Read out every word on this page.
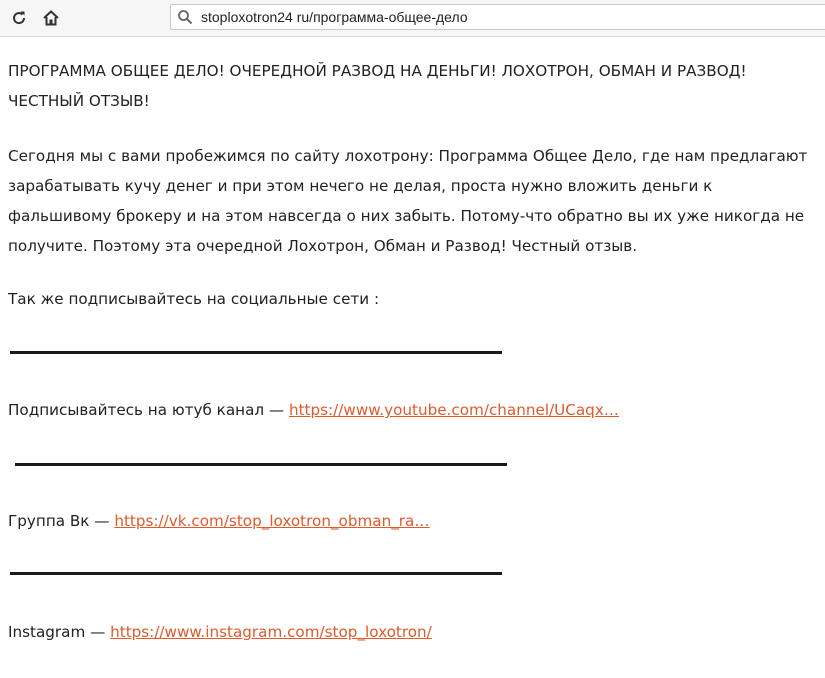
stoploxotron24 ru/программа-общее-дело
ПРОГРАММА ОБЩЕЕ ДЕЛО! ОЧЕРЕДНОЙ РАЗВОД НА ДЕНЬГИ! ЛОХОТРОН, ОБМАН И РАЗВОД! ЧЕСТНЫЙ ОТЗЫВ!
Сегодня мы с вами пробежимся по сайту лохотрону: Программа Общее Дело, где нам предлагают зарабатывать кучу денег и при этом нечего не делая, проста нужно вложить деньги к фальшивому брокеру и на этом навсегда о них забыть. Потому-что обратно вы их уже никогда не получите. Поэтому эта очередной Лохотрон, Обман и Развод! Честный отзыв.
Так же подписывайтесь на социальные сети :
Подписывайтесь на ютуб канал — https://www.youtube.com/channel/UCaqx…
Группа Вк — https://vk.com/stop_loxotron_obman_ra…
Instagram — https://www.instagram.com/stop_loxotron/
